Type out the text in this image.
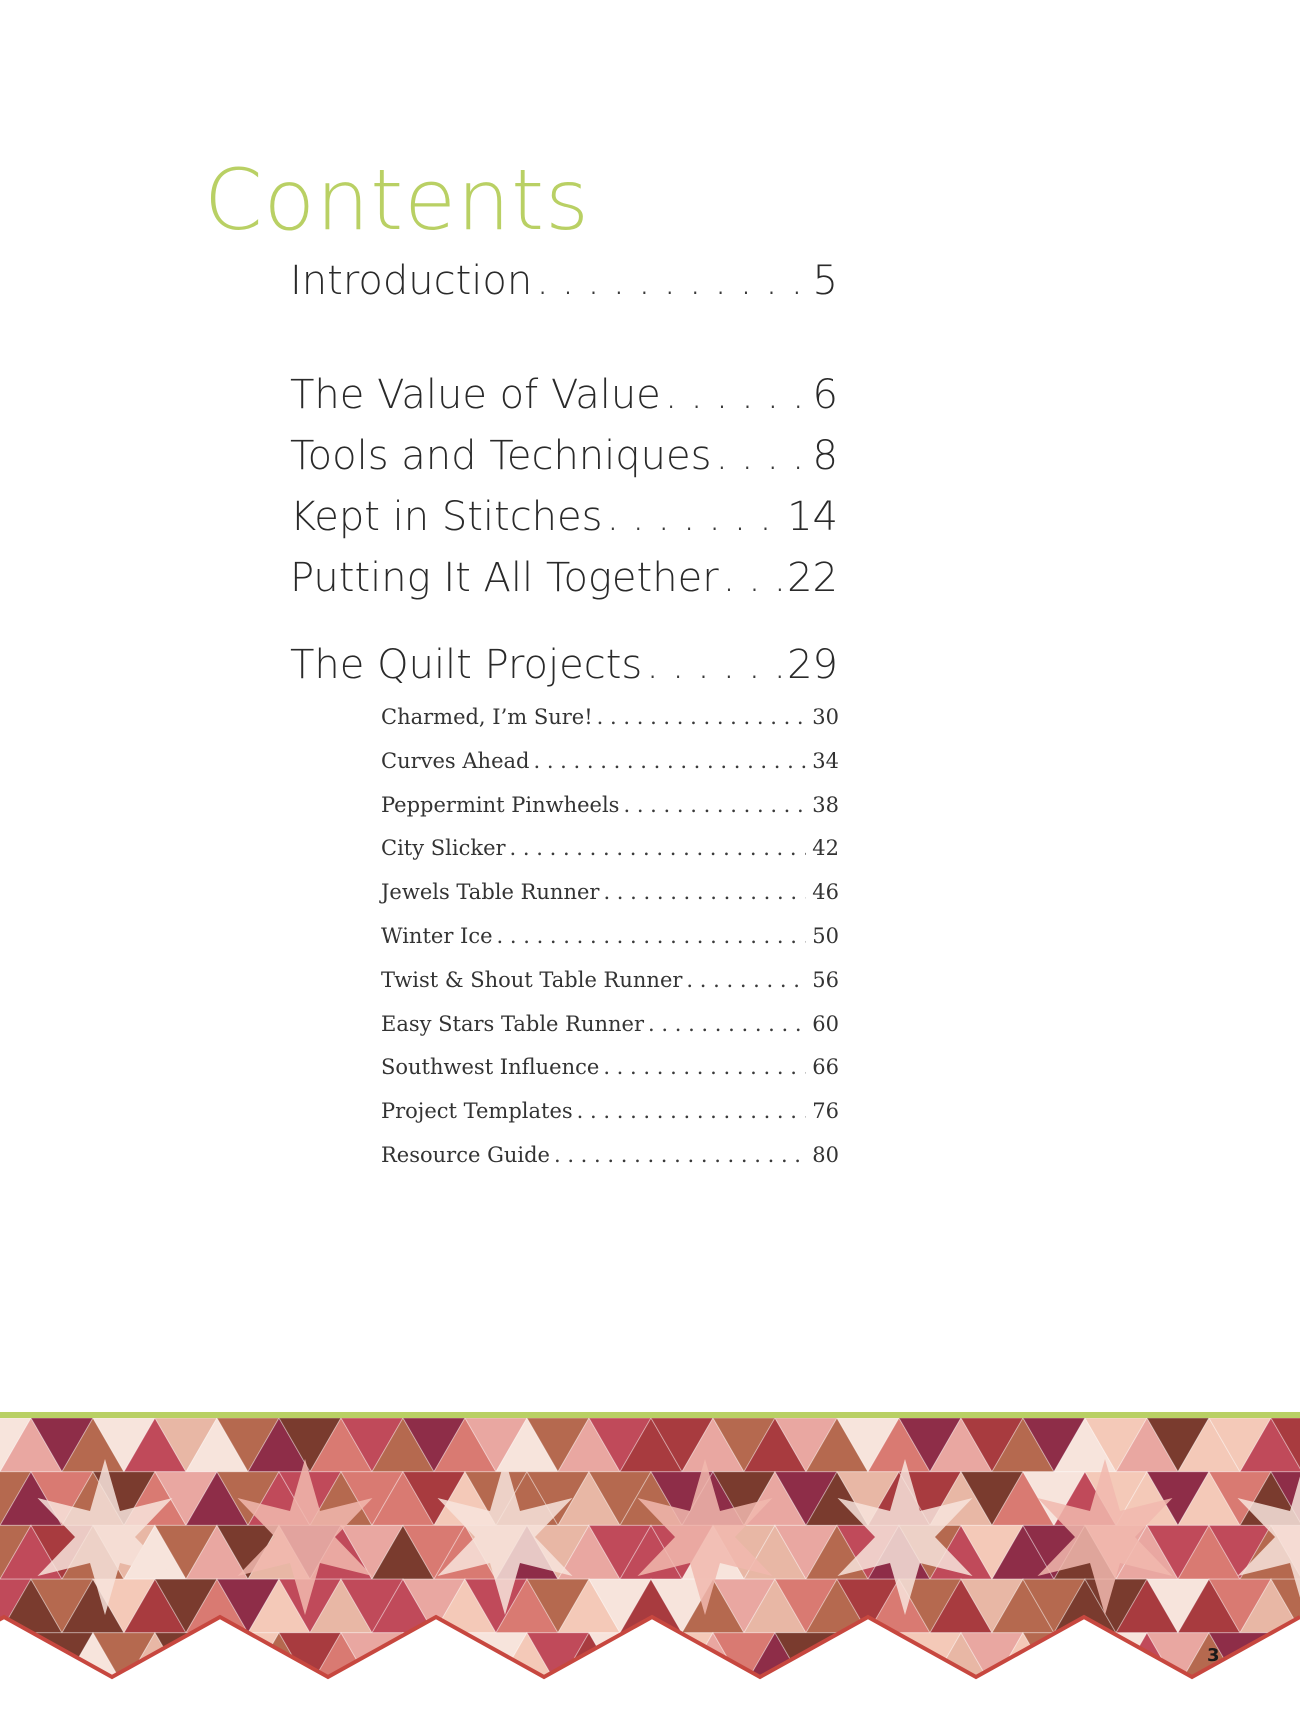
Contents
Introduction . . .	5
The Value of Value . . .	6
Tools and Techniques . . .	8
Kept in Stitches . . .	14
Putting It All Together . . . 22
The Quilt Projects . . .	29
Charmed, I’m Sure! . . .	30
Curves Ahead . . .	34
Peppermint Pinwheels . . .	38
City Slicker . . .	42
Jewels Table Runner . . .	46
Winter Ice . . .	50
Twist & Shout Table Runner . . .	56
Easy Stars Table Runner . . .	60
Southwest Influence . . .	66
Project Templates . . .	76
Resource Guide . . .	80
3
